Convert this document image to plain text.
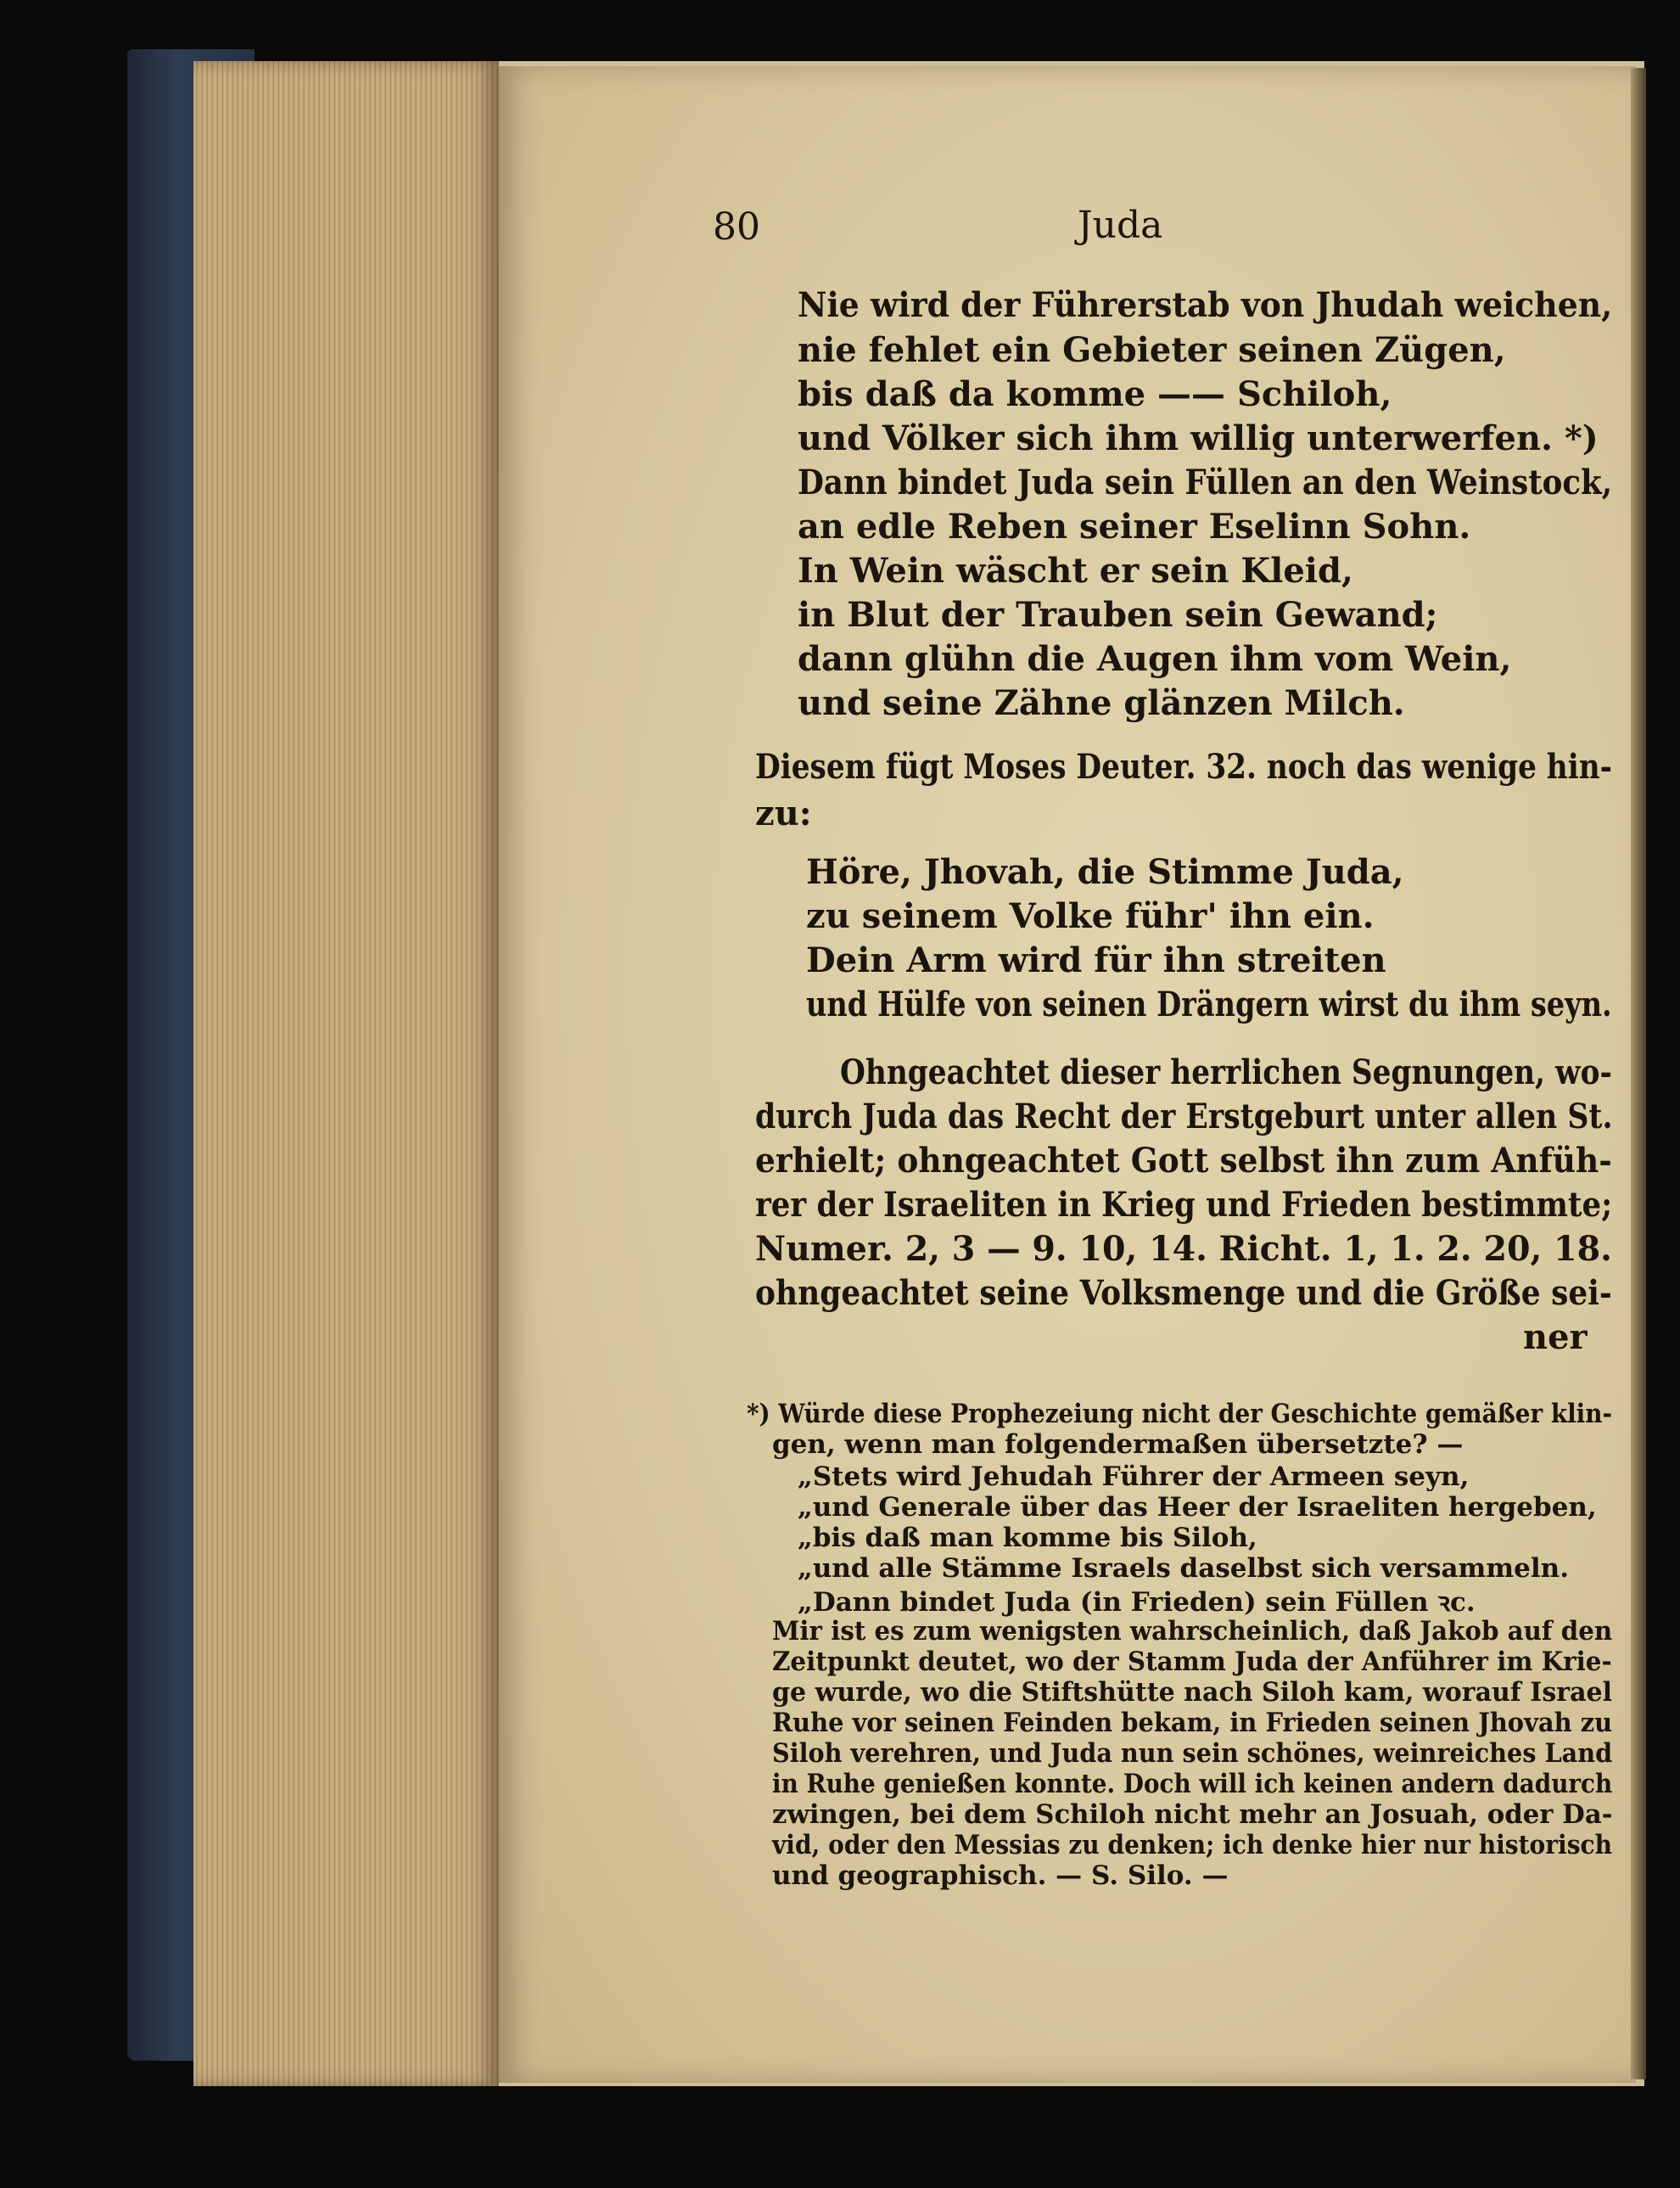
80	Juda
Nie wird der Führerstab von Jhudah weichen,
nie fehlet ein Gebieter seinen Zügen,
bis daß da komme —— Schiloh,
und Völker sich ihm willig unterwerfen. *)
Dann bindet Juda sein Füllen an den Weinstock,
an edle Reben seiner Eselinn Sohn.
In Wein wäscht er sein Kleid,
in Blut der Trauben sein Gewand;
dann glühn die Augen ihm vom Wein,
und seine Zähne glänzen Milch.
Diesem fügt Moses Deuter. 32. noch das wenige hin-
zu:
Höre, Jhovah, die Stimme Juda,
zu seinem Volke führ' ihn ein.
Dein Arm wird für ihn streiten
und Hülfe von seinen Drängern wirst du ihm seyn.
Ohngeachtet dieser herrlichen Segnungen, wo-
durch Juda das Recht der Erstgeburt unter allen St.
erhielt; ohngeachtet Gott selbst ihn zum Anfüh-
rer der Israeliten in Krieg und Frieden bestimmte;
Numer. 2, 3 — 9. 10, 14. Richt. 1, 1. 2. 20, 18.
ohngeachtet seine Volksmenge und die Größe sei-
ner
*) Würde diese Prophezeiung nicht der Geschichte gemäßer klin-
gen, wenn man folgendermaßen übersetzte? —
„Stets wird Jehudah Führer der Armeen seyn,
„und Generale über das Heer der Israeliten hergeben,
„bis daß man komme bis Siloh,
„und alle Stämme Israels daselbst sich versammeln.
„Dann bindet Juda (in Frieden) sein Füllen ꝛc.
Mir ist es zum wenigsten wahrscheinlich, daß Jakob auf den
Zeitpunkt deutet, wo der Stamm Juda der Anführer im Krie-
ge wurde, wo die Stiftshütte nach Siloh kam, worauf Israel
Ruhe vor seinen Feinden bekam, in Frieden seinen Jhovah zu
Siloh verehren, und Juda nun sein schönes, weinreiches Land
in Ruhe genießen konnte. Doch will ich keinen andern dadurch
zwingen, bei dem Schiloh nicht mehr an Josuah, oder Da-
vid, oder den Messias zu denken; ich denke hier nur historisch
und geographisch. — S. Silo. —
